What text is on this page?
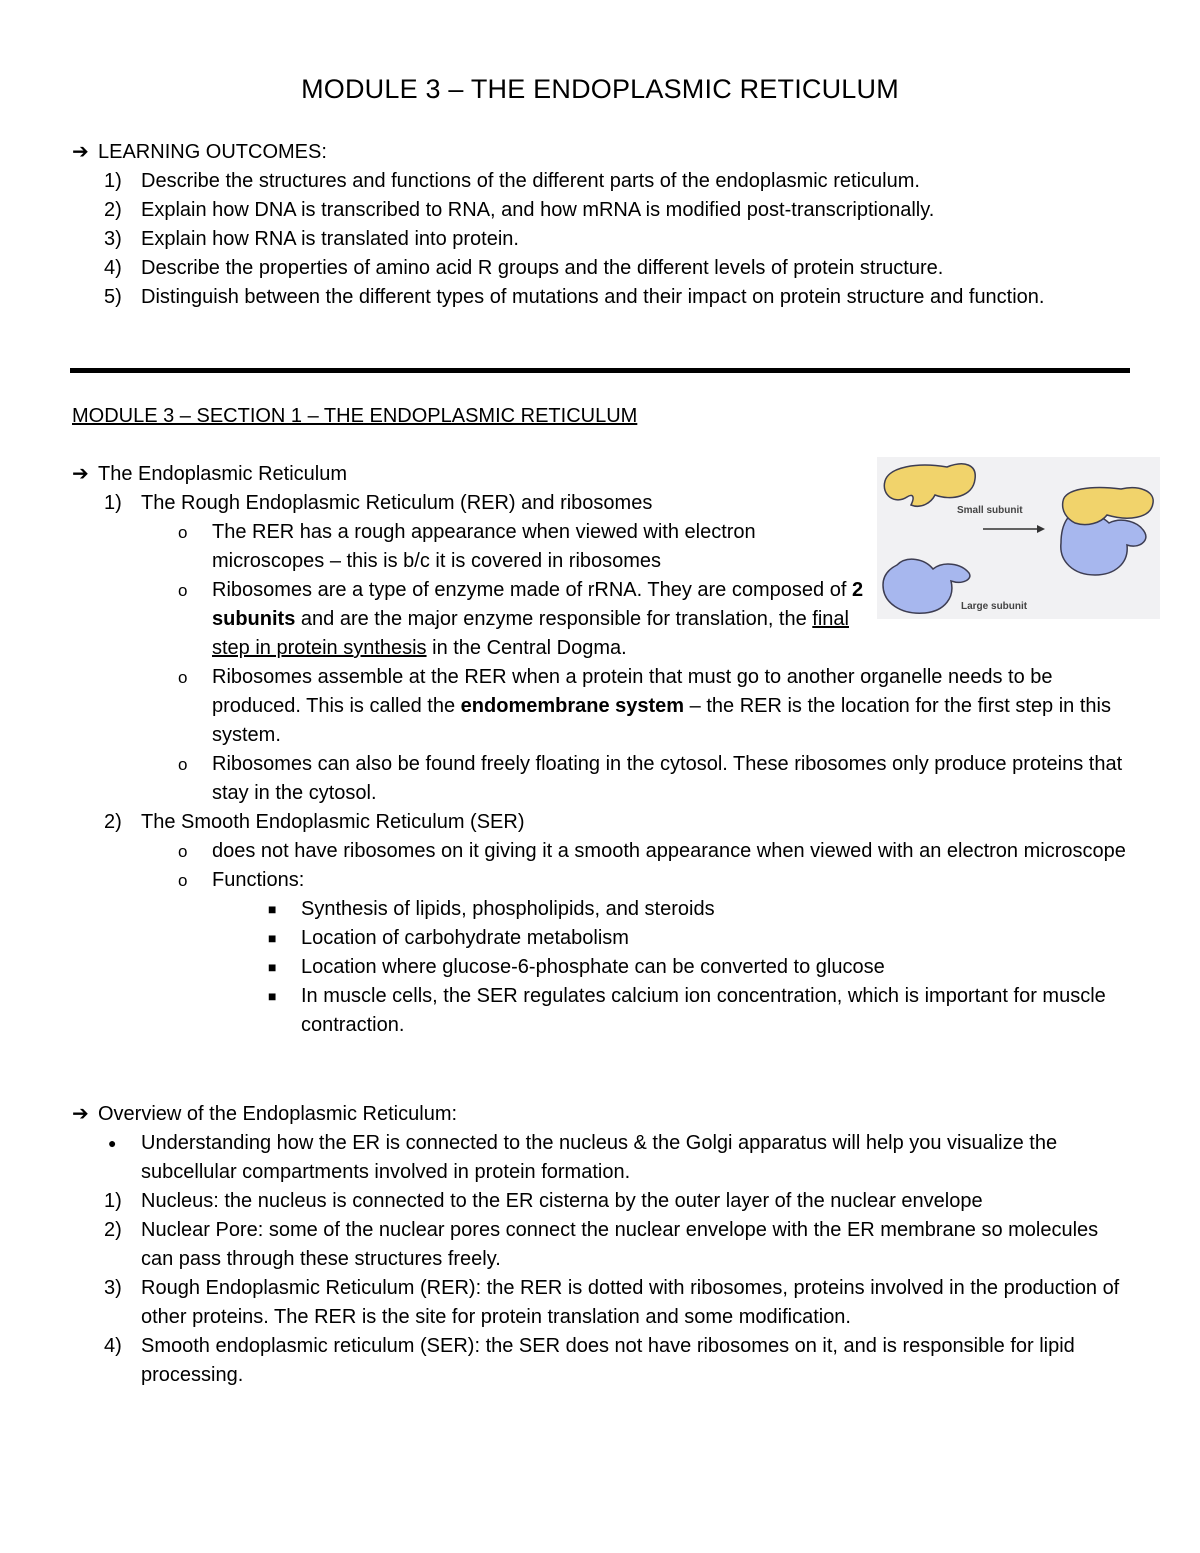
MODULE 3 – THE ENDOPLASMIC RETICULUM
➔ LEARNING OUTCOMES:
1) Describe the structures and functions of the different parts of the endoplasmic reticulum.
2) Explain how DNA is transcribed to RNA, and how mRNA is modified post-transcriptionally.
3) Explain how RNA is translated into protein.
4) Describe the properties of amino acid R groups and the different levels of protein structure.
5) Distinguish between the different types of mutations and their impact on protein structure and function.
MODULE 3 – SECTION 1 – THE ENDOPLASMIC RETICULUM
➔ The Endoplasmic Reticulum
1) The Rough Endoplasmic Reticulum (RER) and ribosomes
o The RER has a rough appearance when viewed with electron microscopes – this is b/c it is covered in ribosomes
o Ribosomes are a type of enzyme made of rRNA. They are composed of 2 subunits and are the major enzyme responsible for translation, the final step in protein synthesis in the Central Dogma.
o Ribosomes assemble at the RER when a protein that must go to another organelle needs to be produced. This is called the endomembrane system – the RER is the location for the first step in this system.
o Ribosomes can also be found freely floating in the cytosol. These ribosomes only produce proteins that stay in the cytosol.
2) The Smooth Endoplasmic Reticulum (SER)
o does not have ribosomes on it giving it a smooth appearance when viewed with an electron microscope
o Functions:
■ Synthesis of lipids, phospholipids, and steroids
■ Location of carbohydrate metabolism
■ Location where glucose-6-phosphate can be converted to glucose
■ In muscle cells, the SER regulates calcium ion concentration, which is important for muscle contraction.
➔ Overview of the Endoplasmic Reticulum:
● Understanding how the ER is connected to the nucleus & the Golgi apparatus will help you visualize the subcellular compartments involved in protein formation.
1) Nucleus: the nucleus is connected to the ER cisterna by the outer layer of the nuclear envelope
2) Nuclear Pore: some of the nuclear pores connect the nuclear envelope with the ER membrane so molecules can pass through these structures freely.
3) Rough Endoplasmic Reticulum (RER): the RER is dotted with ribosomes, proteins involved in the production of other proteins. The RER is the site for protein translation and some modification.
4) Smooth endoplasmic reticulum (SER): the SER does not have ribosomes on it, and is responsible for lipid processing.
Small subunit
Large subunit
